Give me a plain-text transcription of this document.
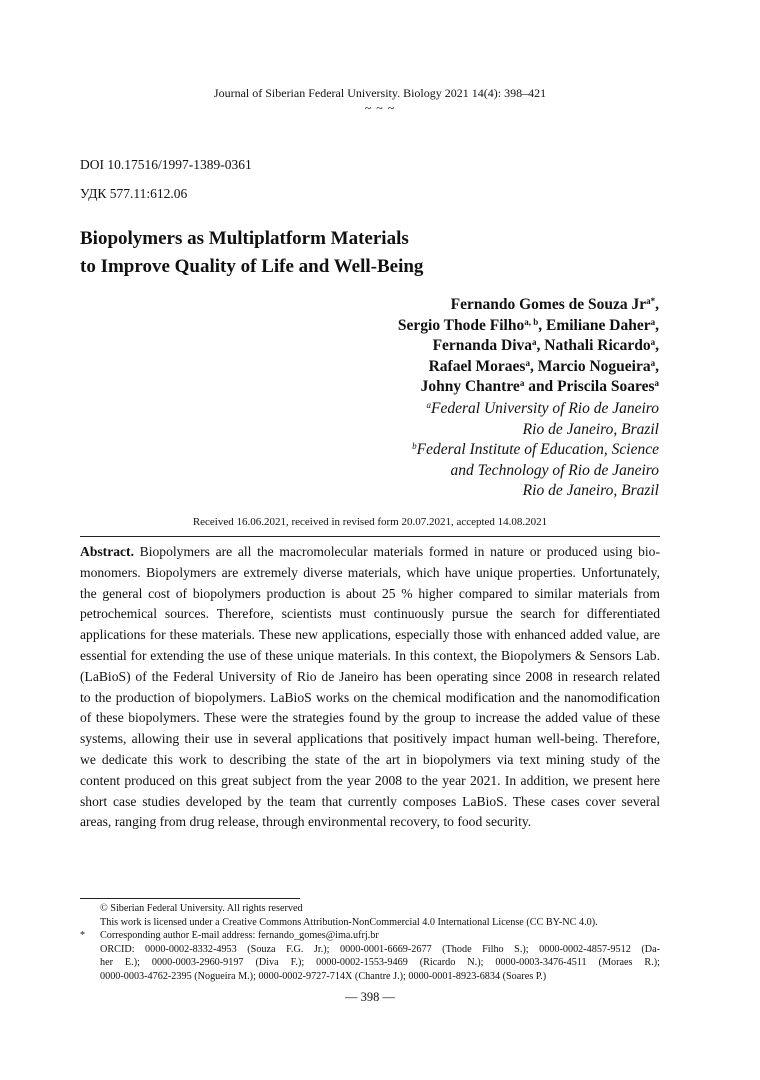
Journal of Siberian Federal University. Biology 2021 14(4): 398–421
~ ~ ~
DOI 10.17516/1997-1389-0361
УДК 577.11:612.06
Biopolymers as Multiplatform Materials
to Improve Quality of Life and Well-Being
Fernando Gomes de Souza $Jr^{a*}$,
Sergio Thode Filho$^{a, b}$, Emiliane Daher$^a$,
Fernanda Diva$^a$, Nathali Ricardo$^a$,
Rafael Moraes$^a$, Marcio Nogueira$^a$,
Johny Chantre$^a$ and Priscila Soares$^a$
$^a$Federal University of Rio de Janeiro
Rio de Janeiro, Brazil
$^b$Federal Institute of Education, Science
and Technology of Rio de Janeiro
Rio de Janeiro, Brazil
Received 16.06.2021, received in revised form 20.07.2021, accepted 14.08.2021
Abstract. Biopolymers are all the macromolecular materials formed in nature or produced using bio-
monomers. Biopolymers are extremely diverse materials, which have unique properties. Unfortunately,
the general cost of biopolymers production is about 25 % higher compared to similar materials from
petrochemical sources. Therefore, scientists must continuously pursue the search for differentiated
applications for these materials. These new applications, especially those with enhanced added value, are
essential for extending the use of these unique materials. In this context, the Biopolymers & Sensors Lab.
(LaBioS) of the Federal University of Rio de Janeiro has been operating since 2008 in research related
to the production of biopolymers. LaBioS works on the chemical modification and the nanomodification
of these biopolymers. These were the strategies found by the group to increase the added value of these
systems, allowing their use in several applications that positively impact human well-being. Therefore,
we dedicate this work to describing the state of the art in biopolymers via text mining study of the
content produced on this great subject from the year 2008 to the year 2021. In addition, we present here
short case studies developed by the team that currently composes LaBioS. These cases cover several
areas, ranging from drug release, through environmental recovery, to food security.
© Siberian Federal University. All rights reserved
This work is licensed under a Creative Commons Attribution-NonCommercial 4.0 International License (CC BY-NC 4.0).
* Corresponding author E-mail address: fernando_gomes@ima.ufrj.br
ORCID: 0000-0002-8332-4953 (Souza F.G. Jr.); 0000-0001-6669-2677 (Thode Filho S.); 0000-0002-4857-9512 (Da-
her E.); 0000-0003-2960-9197 (Diva F.); 0000-0002-1553-9469 (Ricardo N.); 0000-0003-3476-4511 (Moraes R.);
0000-0003-4762-2395 (Nogueira M.); 0000-0002-9727-714X (Chantre J.); 0000-0001-8923-6834 (Soares P.)
— 398 —
